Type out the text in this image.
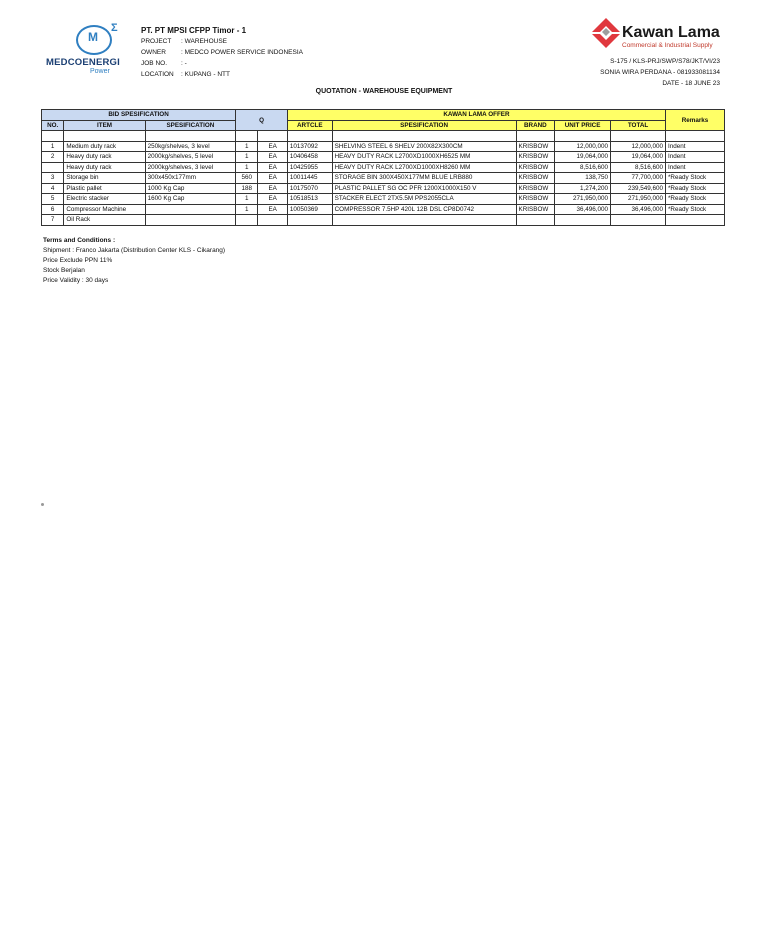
M
Σ
MEDCOENERGI
Power
PT. PT MPSI CFPP Timor - 1
PROJECT : WAREHOUSE
OWNER : MEDCO POWER SERVICE INDONESIA
JOB NO. : -
LOCATION : KUPANG - NTT
Kawan Lama
Commercial & Industrial Supply
S-175 / KLS-PRJ/SWP/S78/JKT/VI/23
SONIA WIRA PERDANA - 081933081134
DATE - 18 JUNE 23
QUOTATION - WAREHOUSE EQUIPMENT
BID SPESIFICATION			Q		KAWAN LAMA OFFER					Remarks
NO.	ITEM	SPESIFICATION			ARTCLE	SPESIFICATION	BRAND	UNIT PRICE	TOTAL	

1	Medium duty rack	250kg/shelves, 3 level	1	EA	10137092	SHELVING STEEL 6 SHELV 200X82X300CM	KRISBOW	12,000,000	12,000,000	Indent
2	Heavy duty rack	2000kg/shelves, 5 level	1	EA	10406458	HEAVY DUTY RACK L2700XD1000XH6525 MM	KRISBOW	19,064,000	19,064,000	Indent
	Heavy duty rack	2000kg/shelves, 3 level	1	EA	10425955	HEAVY DUTY RACK L2700XD1000XH8260 MM	KRISBOW	8,516,600	8,516,600	Indent
3	Storage bin	300x450x177mm	560	EA	10011445	STORAGE BIN 300X450X177MM BLUE LRB880	KRISBOW	138,750	77,700,000	*Ready Stock
4	Plastic pallet	1000 Kg Cap	188	EA	10175070	PLASTIC PALLET SG OC PFR 1200X1000X150 V	KRISBOW	1,274,200	239,549,600	*Ready Stock
5	Electric stacker	1600 Kg Cap	1	EA	10518513	STACKER ELECT 2TX5.5M PPS2055CLA	KRISBOW	271,950,000	271,950,000	*Ready Stock
6	Compressor Machine		1	EA	10050369	COMPRESSOR 7.5HP 420L 12B DSL CP8D0742	KRISBOW	36,496,000	36,496,000	*Ready Stock
7	Oil Rack									
Terms and Conditions :
Shipment : Franco Jakarta (Distribution Center KLS - Cikarang)
Price Exclude PPN 11%
Stock Berjalan
Price Validity : 30 days
